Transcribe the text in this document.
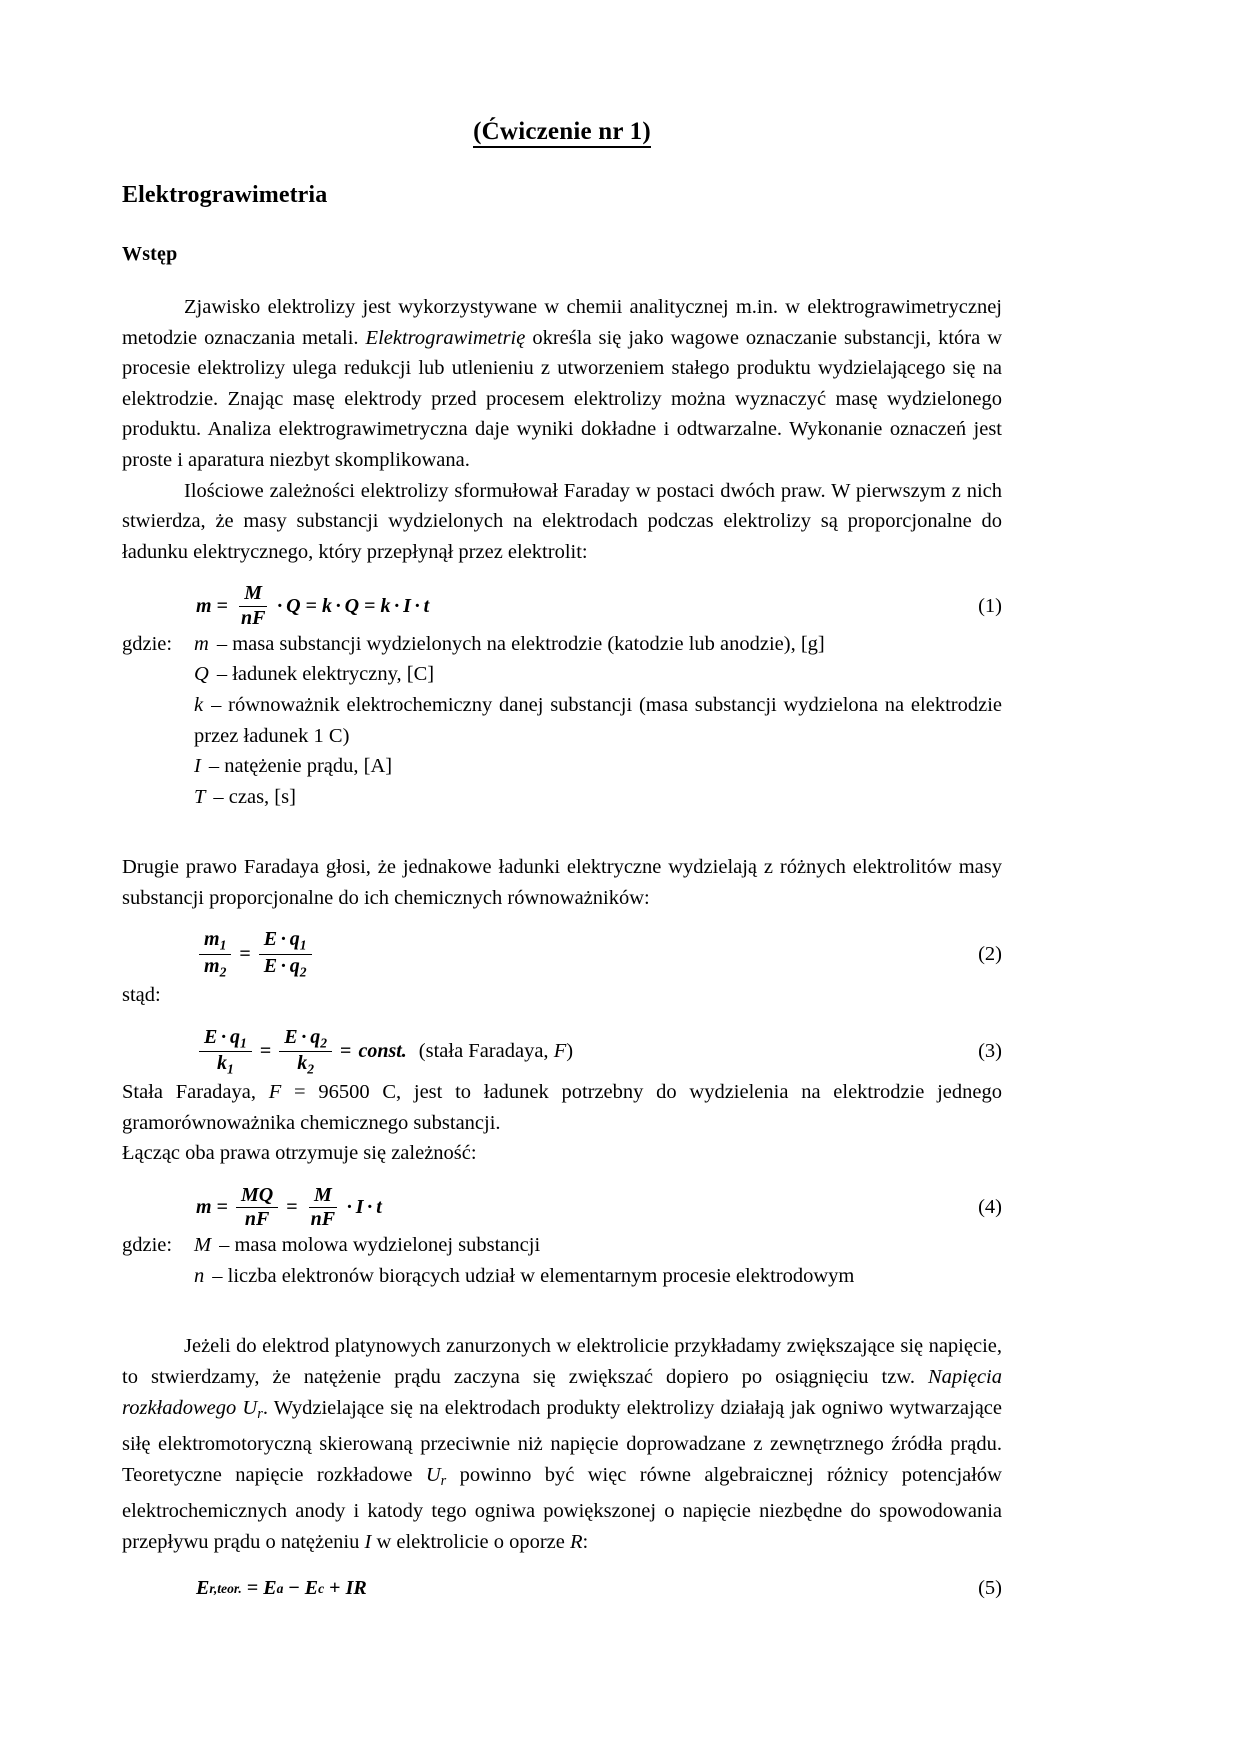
(Ćwiczenie nr 1)
Elektrograwimetria
Wstęp

Zjawisko elektrolizy jest wykorzystywane w chemii analitycznej m.in. w elektrograwimetrycznej metodzie oznaczania metali. Elektrograwimetrię określa się jako wagowe oznaczanie substancji, która w procesie elektrolizy ulega redukcji lub utlenieniu z utworzeniem stałego produktu wydzielającego się na elektrodzie. Znając masę elektrody przed procesem elektrolizy można wyznaczyć masę wydzielonego produktu. Analiza elektrograwimetryczna daje wyniki dokładne i odtwarzalne. Wykonanie oznaczeń jest proste i aparatura niezbyt skomplikowana.

Ilościowe zależności elektrolizy sformułował Faraday w postaci dwóch praw. W pierwszym z nich stwierdza, że masy substancji wydzielonych na elektrodach podczas elektrolizy są proporcjonalne do ładunku elektrycznego, który przepłynął przez elektrolit:

$m = \frac{M}{nF} \cdot Q = k \cdot Q = k \cdot I \cdot t$	(1)
gdzie:	m – masa substancji wydzielonych na elektrodzie (katodzie lub anodzie), [g]
Q – ładunek elektryczny, [C]
k – równoważnik elektrochemiczny danej substancji (masa substancji wydzielona na elektrodzie przez ładunek 1 C)
I – natężenie prądu, [A]
T – czas, [s]

Drugie prawo Faradaya głosi, że jednakowe ładunki elektryczne wydzielają z różnych elektrolitów masy substancji proporcjonalne do ich chemicznych równoważników:

$\frac{m_1}{m_2} = \frac{E \cdot q_1}{E \cdot q_2}$	(2)

stąd:

$\frac{E \cdot q_1}{k_1} = \frac{E \cdot q_2}{k_2}$ = const. (stała Faradaya, F)	(3)

Stała Faradaya, F = 96500 C, jest to ładunek potrzebny do wydzielenia na elektrodzie jednego gramorównoważnika chemicznego substancji.

Łącząc oba prawa otrzymuje się zależność:

$m = \frac{MQ}{nF} = \frac{M}{nF} \cdot I \cdot t$	(4)
gdzie:	M – masa molowa wydzielonej substancji
n – liczba elektronów biorących udział w elementarnym procesie elektrodowym

Jeżeli do elektrod platynowych zanurzonych w elektrolicie przykładamy zwiększające się napięcie, to stwierdzamy, że natężenie prądu zaczyna się zwiększać dopiero po osiągnięciu tzw. Napięcia rozkładowego $U_r$. Wydzielające się na elektrodach produkty elektrolizy działają jak ogniwo wytwarzające siłę elektromotoryczną skierowaną przeciwnie niż napięcie doprowadzane z zewnętrznego źródła prądu. Teoretyczne napięcie rozkładowe $U_r$ powinno być więc równe algebraicznej różnicy potencjałów elektrochemicznych anody i katody tego ogniwa powiększonej o napięcie niezbędne do spowodowania przepływu prądu o natężeniu I w elektrolicie o oporze R:

E r,teor. = E a − E c + IR	(5)
